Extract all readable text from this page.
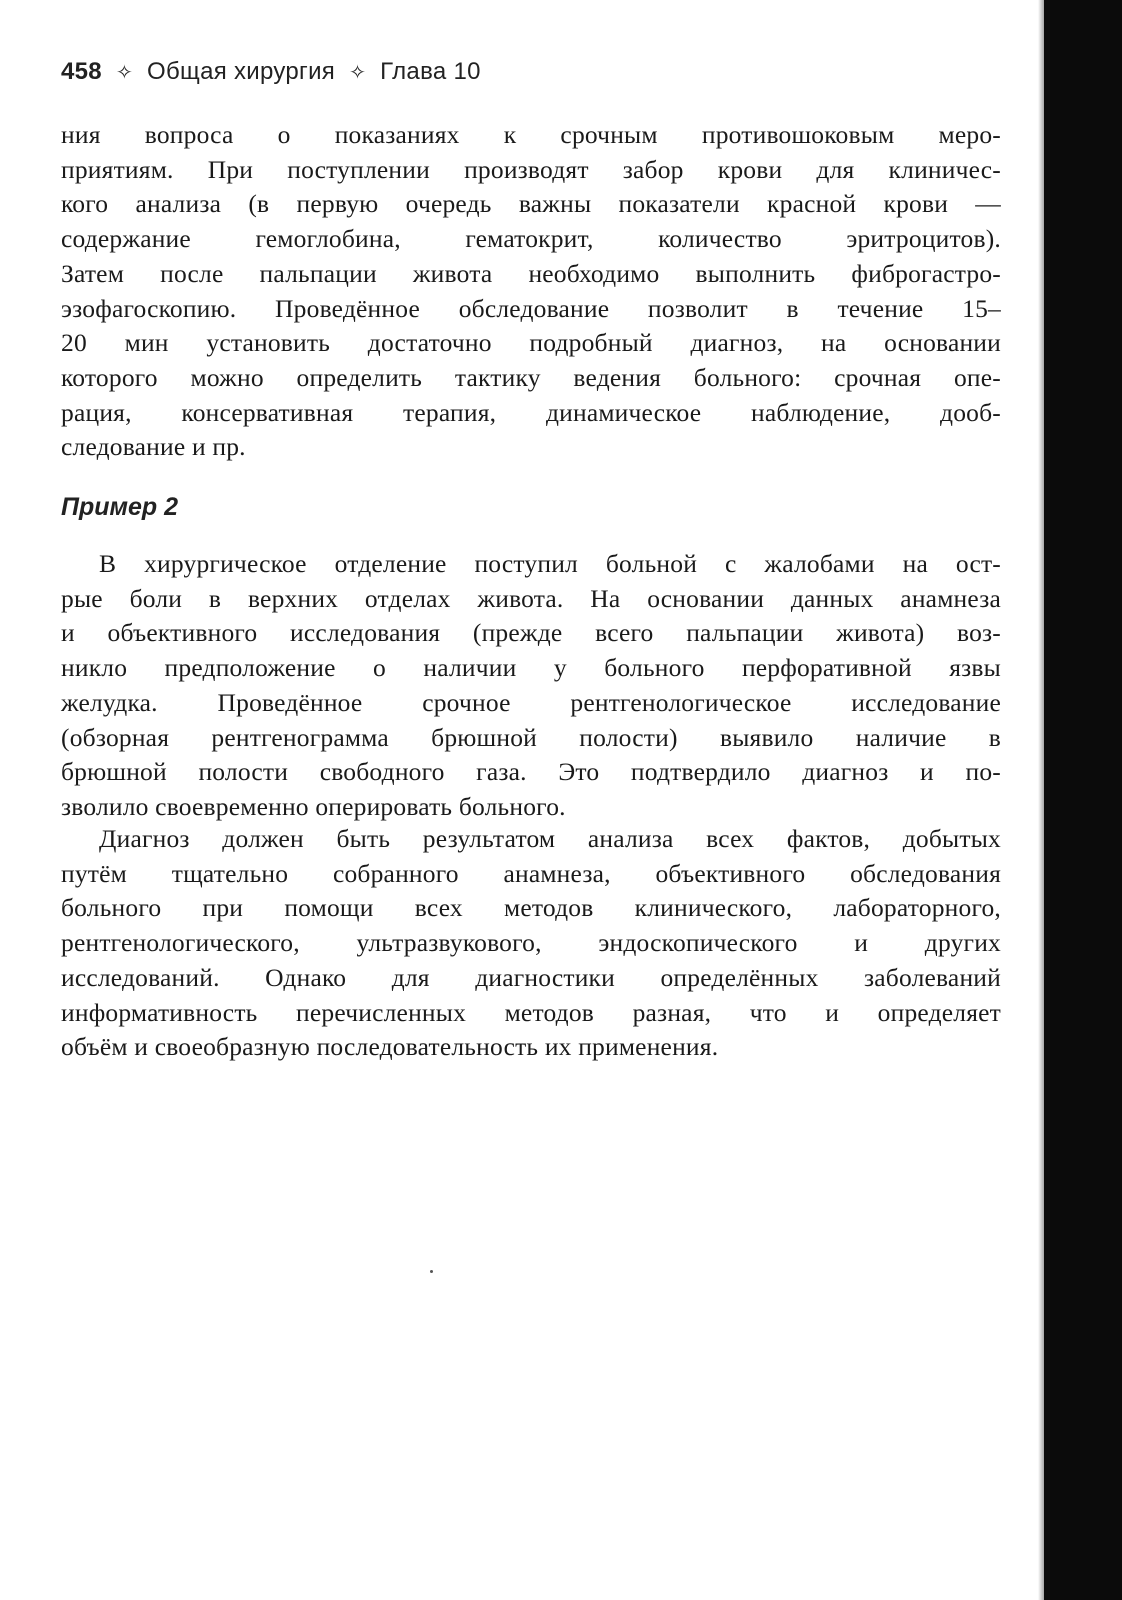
458 ✧ Общая хирургия ✧ Глава 10
ния вопроса о показаниях к срочным противошоковым меро-
приятиям. При поступлении производят забор крови для клиничес-
кого анализа (в первую очередь важны показатели красной крови —
содержание гемоглобина, гематокрит, количество эритроцитов).
Затем после пальпации живота необходимо выполнить фиброгастро-
эзофагоскопию. Проведённое обследование позволит в течение 15–
20 мин установить достаточно подробный диагноз, на основании
которого можно определить тактику ведения больного: срочная опе-
рация, консервативная терапия, динамическое наблюдение, дооб-
следование и пр.
Пример 2
В хирургическое отделение поступил больной с жалобами на ост-
рые боли в верхних отделах живота. На основании данных анамнеза
и объективного исследования (прежде всего пальпации живота) воз-
никло предположение о наличии у больного перфоративной язвы
желудка. Проведённое срочное рентгенологическое исследование
(обзорная рентгенограмма брюшной полости) выявило наличие в
брюшной полости свободного газа. Это подтвердило диагноз и по-
зволило своевременно оперировать больного.
Диагноз должен быть результатом анализа всех фактов, добытых
путём тщательно собранного анамнеза, объективного обследования
больного при помощи всех методов клинического, лабораторного,
рентгенологического, ультразвукового, эндоскопического и других
исследований. Однако для диагностики определённых заболеваний
информативность перечисленных методов разная, что и определяет
объём и своеобразную последовательность их применения.
